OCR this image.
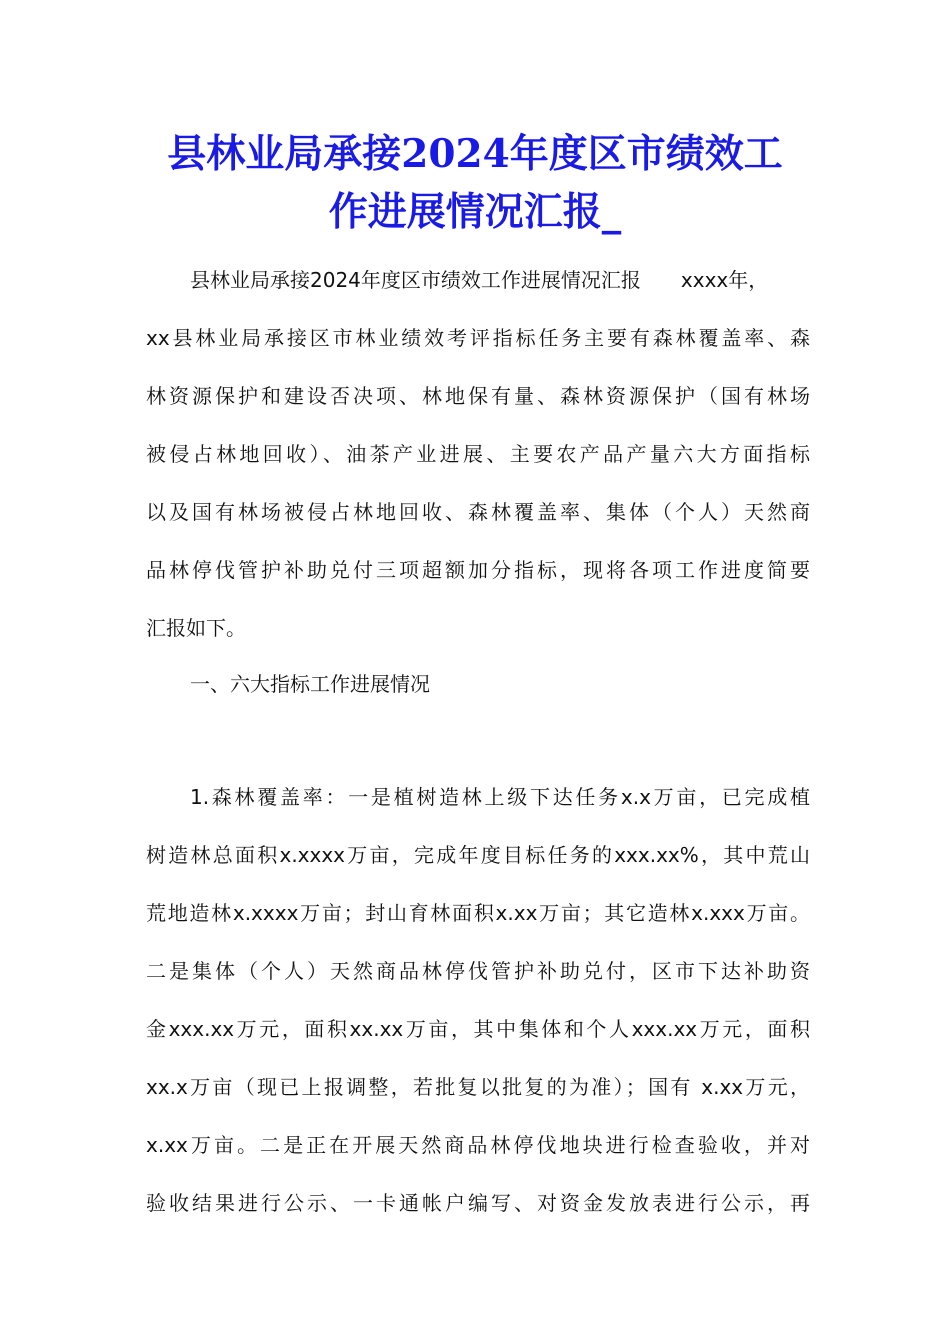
县林业局承接2024年度区市绩效工
作进展情况汇报_

县林业局承接2024年度区市绩效工作进展情况汇报 xxxx年，

xx县林业局承接区市林业绩效考评指标任务主要有森林覆盖率、森

林资源保护和建设否决项、林地保有量、森林资源保护（国有林场

被侵占林地回收）、油茶产业进展、主要农产品产量六大方面指标

以及国有林场被侵占林地回收、森林覆盖率、集体（个人）天然商

品林停伐管护补助兑付三项超额加分指标，现将各项工作进度简要

汇报如下。

一、六大指标工作进展情况

1.森林覆盖率：一是植树造林上级下达任务x.x万亩，已完成植

树造林总面积x.xxxx万亩，完成年度目标任务的xxx.xx%，其中荒山

荒地造林x.xxxx万亩；封山育林面积x.xx万亩；其它造林x.xxx万亩。

二是集体（个人）天然商品林停伐管护补助兑付，区市下达补助资

金xxx.xx万元，面积xx.xx万亩，其中集体和个人xxx.xx万元，面积

xx.x万亩（现已上报调整，若批复以批复的为准）；国有 x.xx万元，

x.xx万亩。二是正在开展天然商品林停伐地块进行检查验收，并对

验收结果进行公示、一卡通帐户编写、对资金发放表进行公示，再
